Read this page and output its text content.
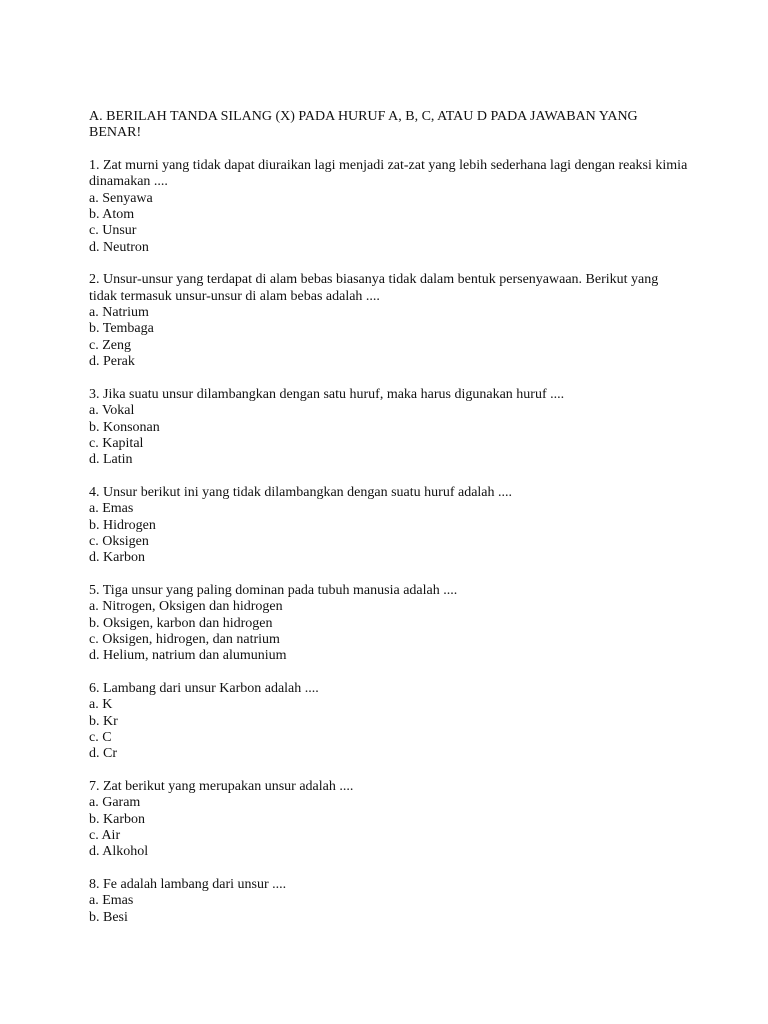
A. BERILAH TANDA SILANG (X) PADA HURUF A, B, C, ATAU D PADA JAWABAN YANG BENAR!
1. Zat murni yang tidak dapat diuraikan lagi menjadi zat-zat yang lebih sederhana lagi dengan reaksi kimia dinamakan ....
a. Senyawa
b. Atom
c. Unsur
d. Neutron
2. Unsur-unsur yang terdapat di alam bebas biasanya tidak dalam bentuk persenyawaan. Berikut yang tidak termasuk unsur-unsur di alam bebas adalah ....
a. Natrium
b. Tembaga
c. Zeng
d. Perak
3. Jika suatu unsur dilambangkan dengan satu huruf, maka harus digunakan huruf ....
a. Vokal
b. Konsonan
c. Kapital
d. Latin
4. Unsur berikut ini yang tidak dilambangkan dengan suatu huruf adalah ....
a. Emas
b. Hidrogen
c. Oksigen
d. Karbon
5. Tiga unsur yang paling dominan pada tubuh manusia adalah ....
a. Nitrogen, Oksigen dan hidrogen
b. Oksigen, karbon dan hidrogen
c. Oksigen, hidrogen, dan natrium
d. Helium, natrium dan alumunium
6. Lambang dari unsur Karbon adalah ....
a. K
b. Kr
c. C
d. Cr
7. Zat berikut yang merupakan unsur adalah ....
a. Garam
b. Karbon
c. Air
d. Alkohol
8. Fe adalah lambang dari unsur ....
a. Emas
b. Besi
